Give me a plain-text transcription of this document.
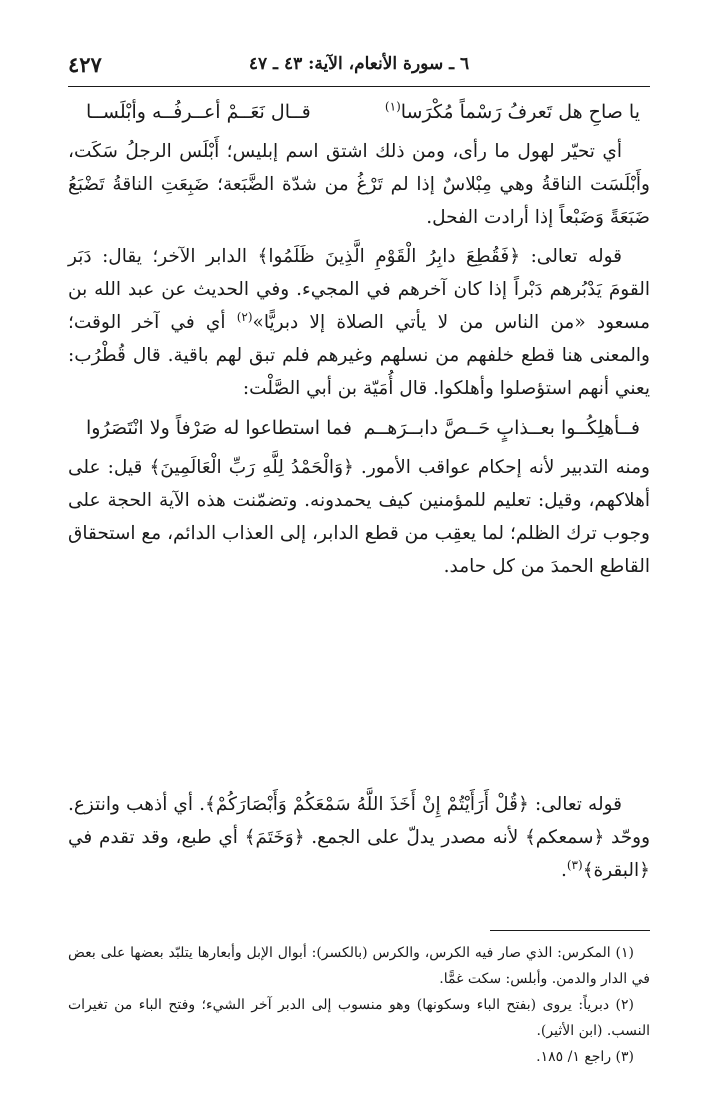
٦ ـ سورة الأنعام، الآية: ٤٣ ـ ٤٧
٤٢٧
يا صاحِ هل تَعرفُ رَسْماً مُكْرَسا$^{(١)}$
قــال نَعَــمْ أعــرفُــه وأبْلَســا

أي تحيّر لهول ما رأى، ومن ذلك اشتق اسم إبليس؛ أَبْلَس الرجلُ سَكَت، وأَبْلَسَت الناقةُ وهي مِبْلاسٌ إذا لم تَرْغُ من شدّة الضَّبَعة؛ ضَبِعَتِ الناقةُ تَضْبَعُ ضَبَعَةً وَضَبْعاً إذا أرادت الفحل.

قوله تعالى: ﴿فَقُطِعَ دابِرُ الْقَوْمِ الَّذِينَ ظَلَمُوا﴾ الدابر الآخر؛ يقال: دَبَر القومَ يَدْبُرهم دَبْراً إذا كان آخرهم في المجيء. وفي الحديث عن عبد الله بن مسعود «من الناس من لا يأتي الصلاة إلا دبريًّا»$^{(٢)}$ أي في آخر الوقت؛ والمعنى هنا قطع خلفهم من نسلهم وغيرهم فلم تبق لهم باقية. قال قُطْرُب: يعني أنهم استؤصلوا وأهلكوا. قال أُمَيّة بن أبي الصَّلْت:

فما استطاعوا له صَرْفاً ولا انْتَصَرُوا فــأهلِكُــوا بعــذابٍ حَــصَّ دابــرَهــم

ومنه التدبير لأنه إحكام عواقب الأمور. ﴿وَالْحَمْدُ لِلَّهِ رَبِّ الْعَالَمِينَ﴾ قيل: على أهلاكهم، وقيل: تعليم للمؤمنين كيف يحمدونه. وتضمّنت هذه الآية الحجة على وجوب ترك الظلم؛ لما يعقِب من قطع الدابر، إلى العذاب الدائم، مع استحقاق القاطع الحمدَ من كل حامد.

قوله تعالى: ﴿قُلْ أَرَأَيْتُمْ إِنْ أَخَذَ اللَّهُ سَمْعَكُمْ وَأَبْصَارَكُمْ﴾. أي أذهب وانتزع. ووحّد ﴿سمعكم﴾ لأنه مصدر يدلّ على الجمع. ﴿وَخَتَمَ﴾ أي طبع، وقد تقدم في ﴿البقرة﴾$^{(٣)}$.

(١) المكرس: الذي صار فيه الكرس، والكرس (بالكسر): أبوال الإبل وأبعارها يتلبّد بعضها على بعض في الدار والدمن. وأبلس: سكت غمًّا.

(٢) دبرياً: يروى (بفتح الباء وسكونها) وهو منسوب إلى الدبر آخر الشيء؛ وفتح الباء من تغيرات النسب. (ابن الأثير).

(٣) راجع ١/ ١٨٥.
